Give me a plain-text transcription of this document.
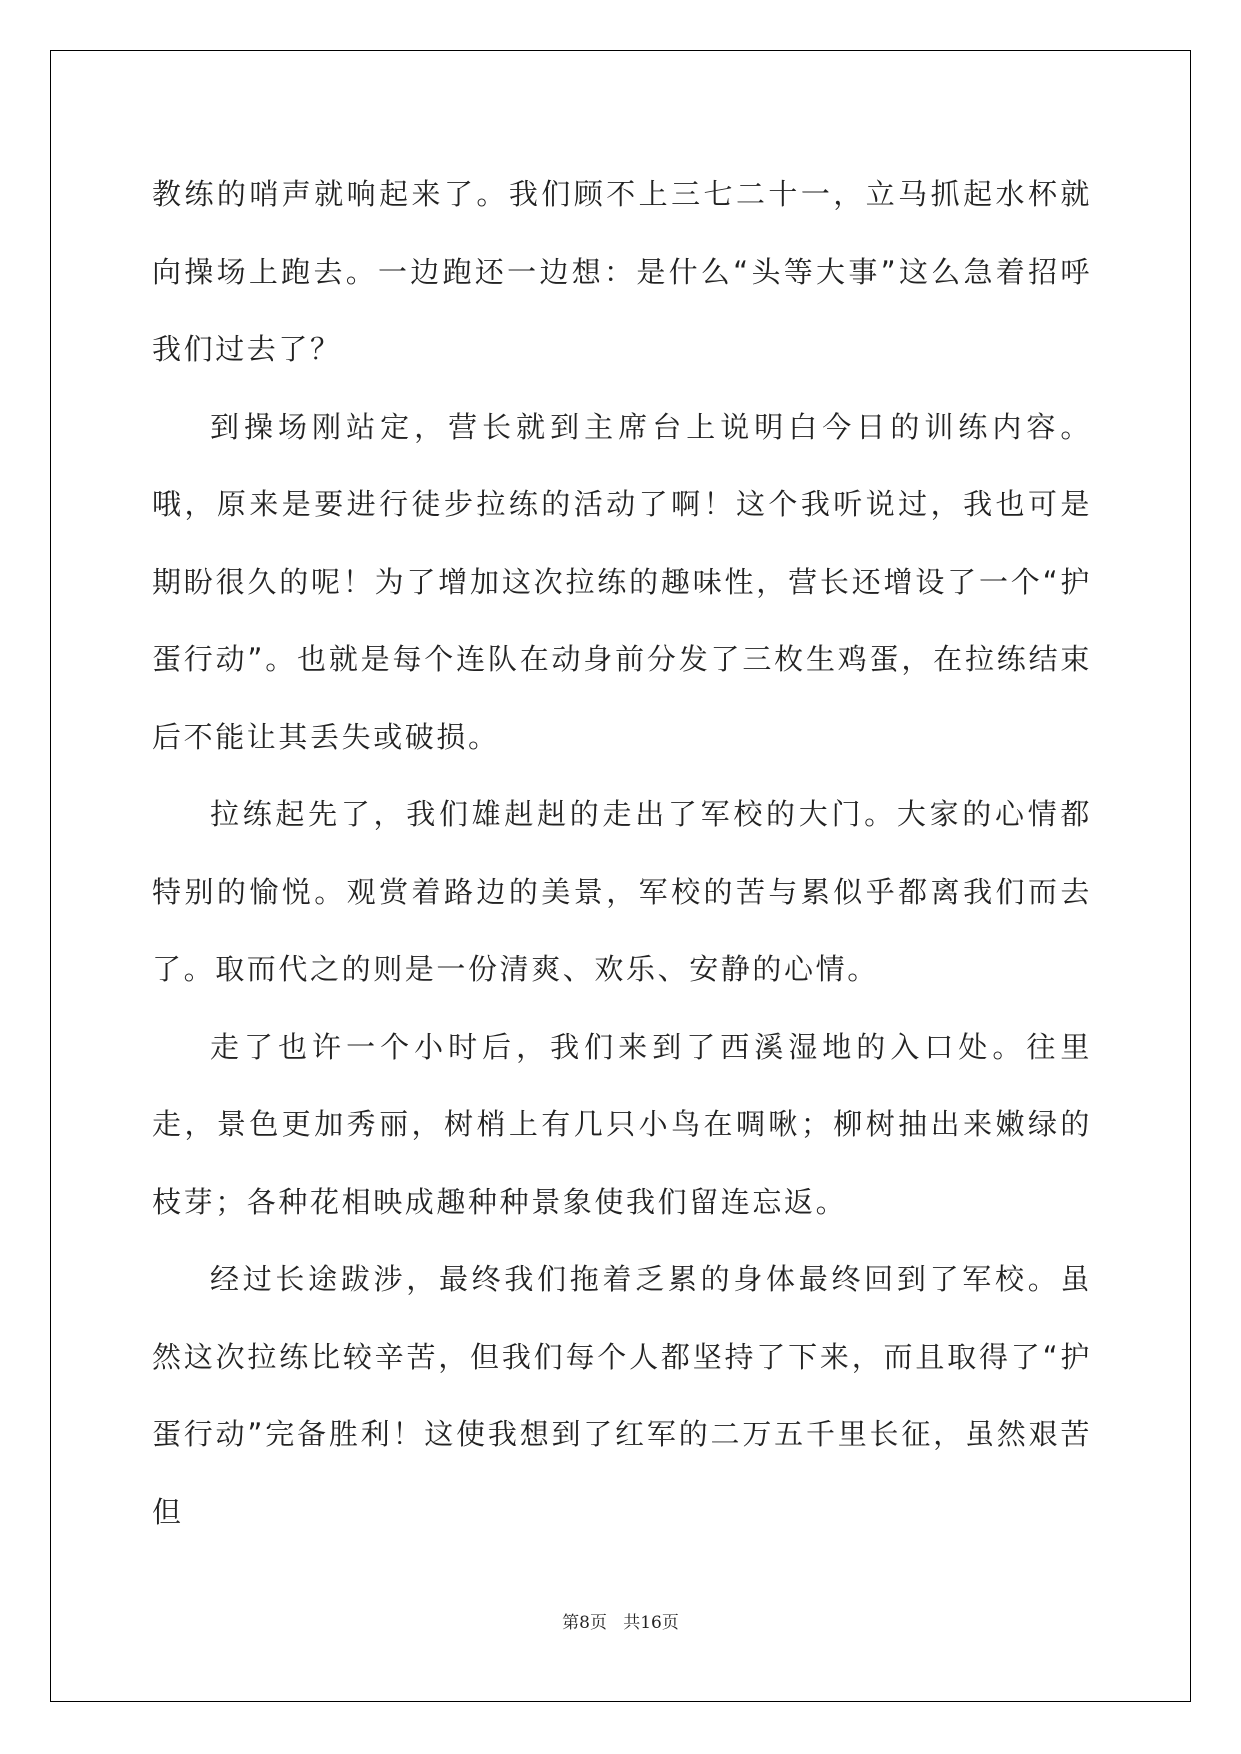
教练的哨声就响起来了。我们顾不上三七二十一，立马抓起水杯就向操场上跑去。一边跑还一边想：是什么“头等大事”这么急着招呼我们过去了？

到操场刚站定，营长就到主席台上说明白今日的训练内容。哦，原来是要进行徒步拉练的活动了啊！这个我听说过，我也可是期盼很久的呢！为了增加这次拉练的趣味性，营长还增设了一个“护蛋行动”。也就是每个连队在动身前分发了三枚生鸡蛋，在拉练结束后不能让其丢失或破损。

拉练起先了，我们雄赳赳的走出了军校的大门。大家的心情都特别的愉悦。观赏着路边的美景，军校的苦与累似乎都离我们而去了。取而代之的则是一份清爽、欢乐、安静的心情。

走了也许一个小时后，我们来到了西溪湿地的入口处。往里走，景色更加秀丽，树梢上有几只小鸟在啁啾；柳树抽出来嫩绿的枝芽；各种花相映成趣种种景象使我们留连忘返。

经过长途跋涉，最终我们拖着乏累的身体最终回到了军校。虽然这次拉练比较辛苦，但我们每个人都坚持了下来，而且取得了“护蛋行动”完备胜利！这使我想到了红军的二万五千里长征，虽然艰苦但

第8页 共16页
